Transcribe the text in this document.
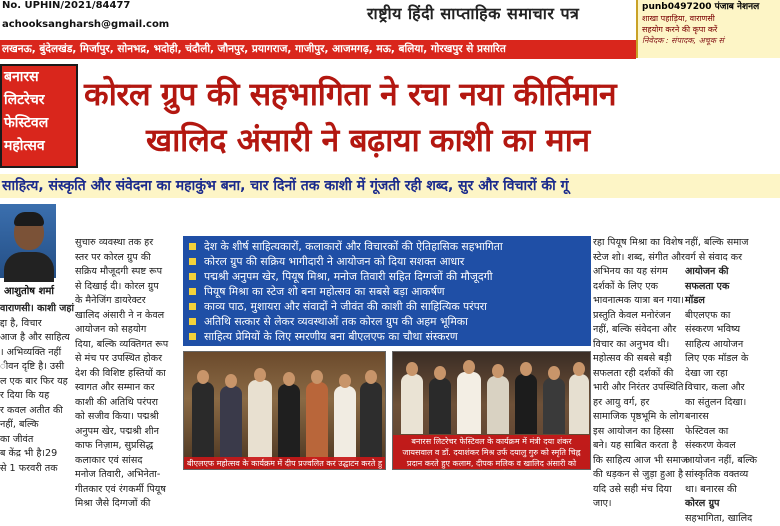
No. UPHIN/2021/84477
achooksangharsh@gmail.com
राष्ट्रीय हिंदी साप्ताहिक समाचार पत्र	punb0497200 पंजाब नेशनल
शाखा पहाड़िया, वाराणसी
सहयोग करने की कृपा करें
निवेदक : संपादक, अचूक सं
लखनऊ, बुंदेलखंड, मिर्जापुर, सोनभद्र, भदोही, चंदौली, जौनपुर, प्रयागराज, गाजीपुर, आजमगढ़, मऊ, बलिया, गोरखपुर से प्रसारित
बनारस
लिटरेचर
फेस्टिवल
महोत्सव
कोरल ग्रुप की सहभागिता ने रचा नया कीर्तिमान
खालिद अंसारी ने बढ़ाया काशी का मान
साहित्य, संस्कृति और संवेदना का महाकुंभ बना, चार दिनों तक काशी में गूंजती रही शब्द, सुर और विचारों की गूं
आशुतोष शर्मा

वाराणसी। काशी जहां

द्दा है, विचार

आज है और साहित्य

। अभिव्यक्ति नहीं

ीवन दृष्टि है। उसी

ल एक बार फिर यह

र दिया कि यह

र कवल अतीत की

नहीं, बल्कि

का जीवंत

ब केंद्र भी है।29

से 1 फरवरी तक

सुचारु व्यवस्था तक हर

स्तर पर कोरल ग्रुप की

सक्रिय मौजूदगी स्पष्ट रूप

से दिखाई दी। कोरल ग्रुप

के मैनेजिंग डायरेक्टर

खालिद अंसारी ने न केवल

आयोजन को सहयोग

दिया, बल्कि व्यक्तिगत रूप

से मंच पर उपस्थित होकर

देश की विशिष्ट हस्तियों का

स्वागत और सम्मान कर

काशी की अतिथि परंपरा

को सजीव किया। पद्मश्री

अनुपम खेर, पद्मश्री शीन

काफ निज़ाम, सुप्रसिद्ध

कलाकार एवं सांसद

मनोज तिवारी, अभिनेता-

गीतकार एवं रंगकर्मी पियूष

मिश्रा जैसे दिग्गजों की

देश के शीर्ष साहित्यकारों, कलाकारों और विचारकों की ऐतिहासिक सहभागिता
कोरल ग्रुप की सक्रिय भागीदारी ने आयोजन को दिया सशक्त आधार
पद्मश्री अनुपम खेर, पियूष मिश्रा, मनोज तिवारी सहित दिग्गजों की मौजूदगी
पियूष मिश्रा का स्टेज शो बना महोत्सव का सबसे बड़ा आकर्षण
काव्य पाठ, मुशायरा और संवादों ने जीवंत की काशी की साहित्यिक परंपरा
अतिथि सत्कार से लेकर व्यवस्थाओं तक कोरल ग्रुप की अहम भूमिका
साहित्य प्रेमियों के लिए स्मरणीय बना बीएलएफ का चौथा संस्करण
बीएलएफ महोत्सव के कार्यक्रम में दीप प्रज्वलित कर उद्घाटन करते हु
बनारस लिटरेचर फेस्टिवल के कार्यक्रम में मंत्री दया शंकर जायसवाल व डॉ. दयाशंकर मिश्र उर्फ दयालु गुरु को स्मृति चिह्न प्रदान करते हुए कलाम, दीपक मलिक व खालिद अंसारी को सम्मानित करते हुए

रहा पियूष मिश्रा का विशेष

स्टेज शो। शब्द, संगीत और

अभिनय का यह संगम

दर्शकों के लिए एक

भावनात्मक यात्रा बन गया।

प्रस्तुति केवल मनोरंजन

नहीं, बल्कि संवेदना और

विचार का अनुभव थी।

महोत्सव की सबसे बड़ी

सफलता रही दर्शकों की

भारी और निरंतर उपस्थिति।

हर आयु वर्ग, हर

सामाजिक पृष्ठभूमि के लोग

इस आयोजन का हिस्सा

बने। यह साबित करता है

कि साहित्य आज भी समाज

की धड़कन से जुड़ा हुआ है

यदि उसे सही मंच दिया

जाए।

नहीं, बल्कि समाज

वर्ग से संवाद कर

आयोजन की

सफलता एक

मॉडल

बीएलएफ का

संस्करण भविष्य

साहित्य आयोजन

लिए एक मॉडल के

देखा जा रहा

विचार, कला और

का संतुलन दिखा।

बनारस

फेस्टिवल का

संस्करण केवल

आयोजन नहीं, बल्कि

सांस्कृतिक वक्तव्य

था। बनारस की

कोरल ग्रुप

सहभागिता, खालिद
